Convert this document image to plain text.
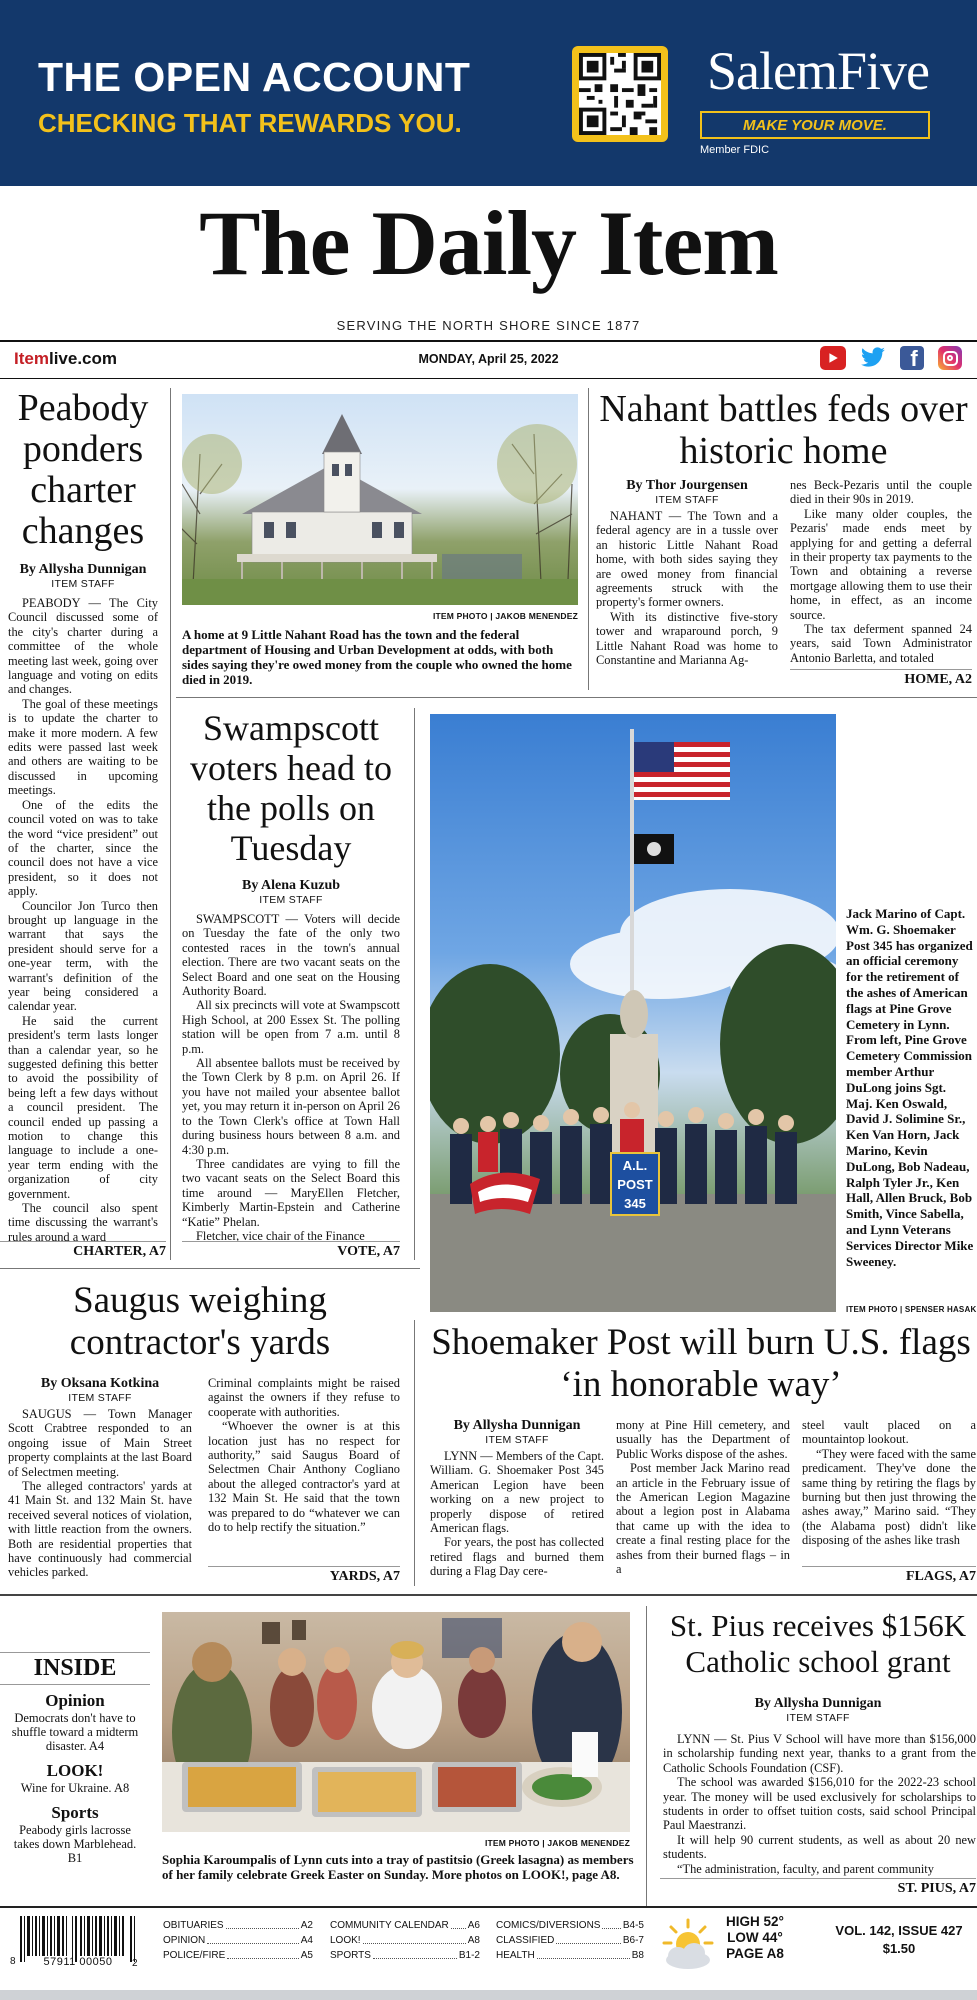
THE OPEN ACCOUNT
CHECKING THAT REWARDS YOU.
SalemFive
MAKE YOUR MOVE.
Member FDIC
The Daily Item
SERVING THE NORTH SHORE SINCE 1877
Itemlive.com	MONDAY, April 25, 2022	f
Peabody ponders charter changes
By Allysha Dunnigan
ITEM STAFF

PEABODY — The City Council discussed some of the city's charter during a committee of the whole meeting last week, going over language and voting on edits and changes.

The goal of these meetings is to update the charter to make it more modern. A few edits were passed last week and others are waiting to be discussed in upcoming meetings.

One of the edits the council voted on was to take the word “vice president” out of the charter, since the council does not have a vice president, so it does not apply.

Councilor Jon Turco then brought up language in the warrant that says the president should serve for a one-year term, with the warrant's definition of the year being considered a calendar year.

He said the current president's term lasts longer than a calendar year, so he suggested defining this better to avoid the possibility of being left a few days without a council president. The council ended up passing a motion to change this language to include a one-year term ending with the organization of city government.

The council also spent time discussing the warrant's rules around a ward

CHARTER, A7
ITEM PHOTO | JAKOB MENENDEZ
A home at 9 Little Nahant Road has the town and the federal department of Housing and Urban Development at odds, with both sides saying they're owed money from the couple who owned the home died in 2019.
Nahant battles feds over historic home
By Thor Jourgensen
ITEM STAFF

NAHANT — The Town and a federal agency are in a tussle over an historic Little Nahant Road home, with both sides saying they are owed money from financial agreements struck with the property's former owners.

With its distinctive five-story tower and wraparound porch, 9 Little Nahant Road was home to Constantine and Marianna Ag-

nes Beck-Pezaris until the couple died in their 90s in 2019.

Like many older couples, the Pezaris' made ends meet by applying for and getting a deferral in their property tax payments to the Town and obtaining a reverse mortgage allowing them to use their home, in effect, as an income source.

The tax deferment spanned 24 years, said Town Administrator Antonio Barletta, and totaled

HOME, A2
Swampscott voters head to the polls on Tuesday
By Alena Kuzub
ITEM STAFF

SWAMPSCOTT — Voters will decide on Tuesday the fate of the only two contested races in the town's annual election. There are two vacant seats on the Select Board and one seat on the Housing Authority Board.

All six precincts will vote at Swampscott High School, at 200 Essex St. The polling station will be open from 7 a.m. until 8 p.m.

All absentee ballots must be received by the Town Clerk by 8 p.m. on April 26. If you have not mailed your absentee ballot yet, you may return it in-person on April 26 to the Town Clerk's office at Town Hall during business hours between 8 a.m. and 4:30 p.m.

Three candidates are vying to fill the two vacant seats on the Select Board this time around — MaryEllen Fletcher, Kimberly Martin-Epstein and Catherine “Katie” Phelan.

Fletcher, vice chair of the Finance

VOTE, A7
A.L.
POST
345
ITEM PHOTO | SPENSER HASAK
Jack Marino of Capt. Wm. G. Shoemaker Post 345 has organized an official ceremony for the retirement of the ashes of American flags at Pine Grove Cemetery in Lynn. From left, Pine Grove Cemetery Commission member Arthur DuLong joins Sgt. Maj. Ken Oswald, David J. Solimine Sr., Ken Van Horn, Jack Marino, Kevin DuLong, Bob Nadeau, Ralph Tyler Jr., Ken Hall, Allen Bruck, Bob Smith, Vince Sabella, and Lynn Veterans Services Director Mike Sweeney.
Saugus weighing contractor's yards
By Oksana Kotkina
ITEM STAFF

SAUGUS — Town Manager Scott Crabtree responded to an ongoing issue of Main Street property complaints at the last Board of Selectmen meeting.

The alleged contractors' yards at 41 Main St. and 132 Main St. have received several notices of violation, with little reaction from the owners. Both are residential properties that have continuously had commercial vehicles parked.

Criminal complaints might be raised against the owners if they refuse to cooperate with authorities.

“Whoever the owner is at this location just has no respect for authority,” said Saugus Board of Selectmen Chair Anthony Cogliano about the alleged contractor's yard at 132 Main St. He said that the town was prepared to do “whatever we can do to help rectify the situation.”

YARDS, A7
Shoemaker Post will burn U.S. flags ‘in honorable way’
By Allysha Dunnigan
ITEM STAFF

LYNN — Members of the Capt. William. G. Shoemaker Post 345 American Legion have been working on a new project to properly dispose of retired American flags.

For years, the post has collected retired flags and burned them during a Flag Day cere-

mony at Pine Hill cemetery, and usually has the Department of Public Works dispose of the ashes.

Post member Jack Marino read an article in the February issue of the American Legion Magazine about a legion post in Alabama that came up with the idea to create a final resting place for the ashes from their burned flags – in a

steel vault placed on a mountaintop lookout.

“They were faced with the same predicament. They've done the same thing by retiring the flags by burning but then just throwing the ashes away,” Marino said. “They (the Alabama post) didn't like disposing of the ashes like trash

FLAGS, A7
INSIDE
Opinion
Democrats don't have to shuffle toward a midterm disaster. A4
LOOK!
Wine for Ukraine. A8
Sports
Peabody girls lacrosse takes down Marblehead. B1
ITEM PHOTO | JAKOB MENENDEZ
Sophia Karoumpalis of Lynn cuts into a tray of pastitsio (Greek lasagna) as members of her family celebrate Greek Easter on Sunday. More photos on LOOK!, page A8.
St. Pius receives $156K Catholic school grant
By Allysha Dunnigan
ITEM STAFF

LYNN — St. Pius V School will have more than $156,000 in scholarship funding next year, thanks to a grant from the Catholic Schools Foundation (CSF).

The school was awarded $156,010 for the 2022-23 school year. The money will be used exclusively for scholarships to students in order to offset tuition costs, said school Principal Paul Maestranzi.

It will help 90 current students, as well as about 20 new students.

“The administration, faculty, and parent community

ST. PIUS, A7
8	57911 00050	2
OBITUARIES	A2
OPINION	A4
POLICE/FIRE	A5
COMMUNITY CALENDAR A6
LOOK!	A8
SPORTS	B1-2
COMICS/DIVERSIONS B4-5
CLASSIFIED	B6-7
HEALTH	B8
HIGH 52°
LOW 44°
PAGE A8
VOL. 142, ISSUE 427
$1.50
